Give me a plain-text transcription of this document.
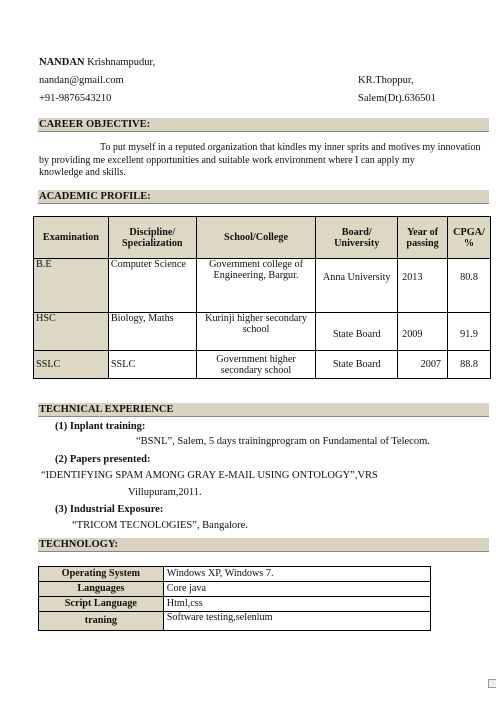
NANDAN Krishnampudur,
nandan@gmail.com
+91-9876543210
KR.Thoppur,
Salem(Dt).636501
CAREER OBJECTIVE:
To put myself in a reputed organization that kindles my inner sprits and motives my innovation
by providing me excellent opportunities and suitable work environment where I can apply my
knowledge and skills.
ACADEMIC PROFILE:
Examination	Discipline/ Specialization	School/College	Board/ University	Year of passing	CPGA/ %
B.E	Computer Science	Government college of Engineering, Bargur.	Anna University	2013	80.8
HSC	Biology, Maths	Kurinji higher secondary school	State Board	2009	91.9
SSLC	SSLC	Government higher secondary school	State Board	2007	88.8
TECHNICAL EXPERIENCE
(1) Inplant training:
“BSNL”, Salem, 5 days trainingprogram on Fundamental of Telecom.
(2) Papers presented:
“IDENTIFYING SPAM AMONG GRAY E-MAIL USING ONTOLOGY”,VRS
Villupuram,2011.
(3) Industrial Exposure:
“TRICOM TECNOLOGIES”, Bangalore.
TECHNOLOGY:
Operating System	Windows XP, Windows 7.
Languages	Core java
Script Language	Html,css
traning	Software testing,selenium
